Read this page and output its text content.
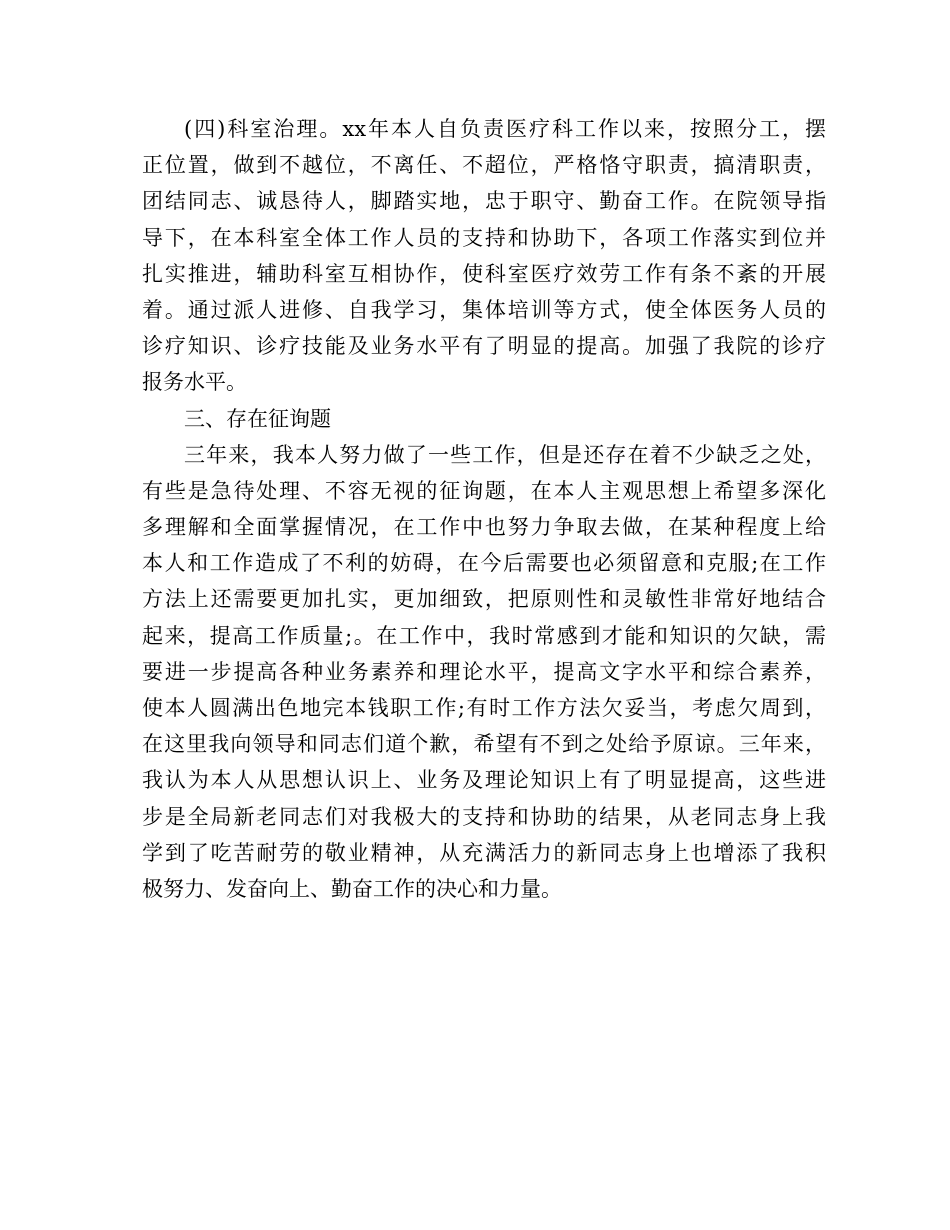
(四)科室治理。xx年本人自负责医疗科工作以来，按照分工，摆
正位置，做到不越位，不离任、不超位，严格恪守职责，搞清职责，
团结同志、诚恳待人，脚踏实地，忠于职守、勤奋工作。在院领导指
导下，在本科室全体工作人员的支持和协助下，各项工作落实到位并
扎实推进，辅助科室互相协作，使科室医疗效劳工作有条不紊的开展
着。通过派人进修、自我学习，集体培训等方式，使全体医务人员的
诊疗知识、诊疗技能及业务水平有了明显的提高。加强了我院的诊疗
报务水平。
三、存在征询题
三年来，我本人努力做了一些工作，但是还存在着不少缺乏之处，
有些是急待处理、不容无视的征询题，在本人主观思想上希望多深化
多理解和全面掌握情况，在工作中也努力争取去做，在某种程度上给
本人和工作造成了不利的妨碍，在今后需要也必须留意和克服;在工作
方法上还需要更加扎实，更加细致，把原则性和灵敏性非常好地结合
起来，提高工作质量;。在工作中，我时常感到才能和知识的欠缺，需
要进一步提高各种业务素养和理论水平，提高文字水平和综合素养，
使本人圆满出色地完本钱职工作;有时工作方法欠妥当，考虑欠周到，
在这里我向领导和同志们道个歉，希望有不到之处给予原谅。三年来，
我认为本人从思想认识上、业务及理论知识上有了明显提高，这些进
步是全局新老同志们对我极大的支持和协助的结果，从老同志身上我
学到了吃苦耐劳的敬业精神，从充满活力的新同志身上也增添了我积
极努力、发奋向上、勤奋工作的决心和力量。
